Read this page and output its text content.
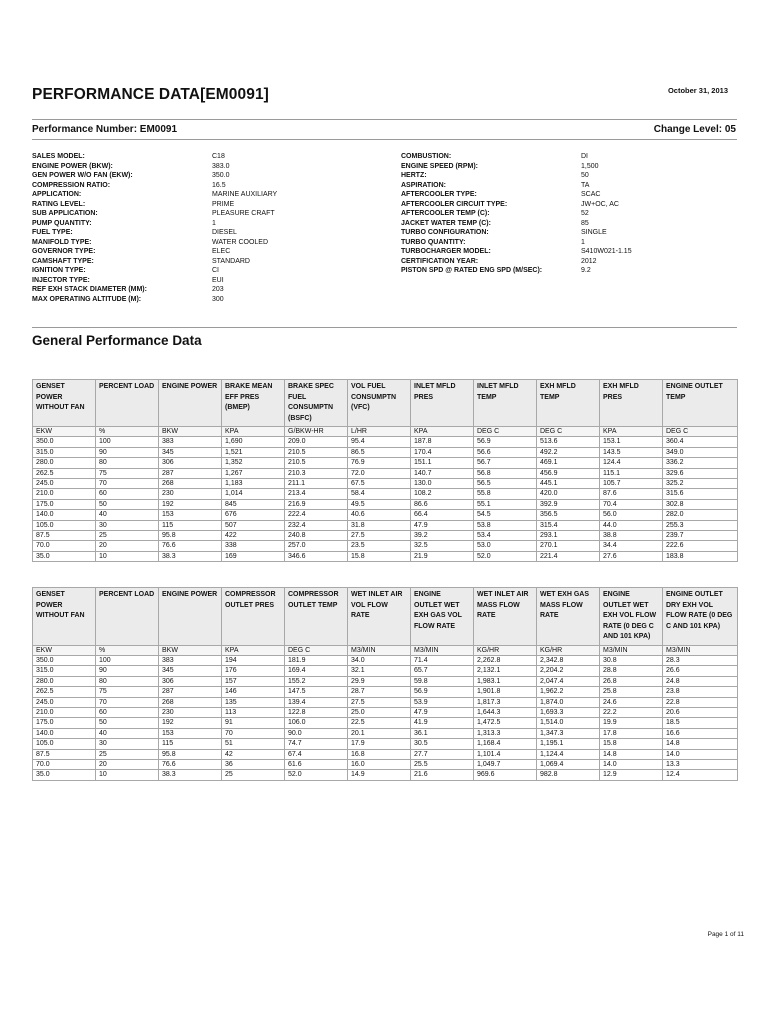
PERFORMANCE DATA[EM0091]	October 31, 2013
Performance Number: EM0091	Change Level: 05
SALES MODEL:	C18
ENGINE POWER (BKW):	383.0
GEN POWER W/O FAN (EKW):	350.0
COMPRESSION RATIO:	16.5
APPLICATION:	MARINE AUXILIARY
RATING LEVEL:	PRIME
SUB APPLICATION:	PLEASURE CRAFT
PUMP QUANTITY:	1
FUEL TYPE:	DIESEL
MANIFOLD TYPE:	WATER COOLED
GOVERNOR TYPE:	ELEC
CAMSHAFT TYPE:	STANDARD
IGNITION TYPE:	CI
INJECTOR TYPE:	EUI
REF EXH STACK DIAMETER (MM):	203
MAX OPERATING ALTITUDE (M):	300
COMBUSTION:	DI
ENGINE SPEED (RPM):	1,500
HERTZ:	50
ASPIRATION:	TA
AFTERCOOLER TYPE:	SCAC
AFTERCOOLER CIRCUIT TYPE:	JW+OC, AC
AFTERCOOLER TEMP (C):	52
JACKET WATER TEMP (C):	85
TURBO CONFIGURATION:	SINGLE
TURBO QUANTITY:	1
TURBOCHARGER MODEL:	S410W021-1.15
CERTIFICATION YEAR:	2012
PISTON SPD @ RATED ENG SPD (M/SEC):	9.2
General Performance Data
GENSET POWER WITHOUT FAN	PERCENT LOAD	ENGINE POWER	BRAKE MEAN EFF PRES (BMEP)	BRAKE SPEC FUEL CONSUMPTN (BSFC)	VOL FUEL CONSUMPTN (VFC)	INLET MFLD PRES	INLET MFLD TEMP	EXH MFLD TEMP	EXH MFLD PRES	ENGINE OUTLET TEMP
EKW	%	BKW	KPA	G/BKW-HR	L/HR	KPA	DEG C	DEG C	KPA	DEG C
350.0	100	383	1,690	209.0	95.4	187.8	56.9	513.6	153.1	360.4
315.0	90	345	1,521	210.5	86.5	170.4	56.6	492.2	143.5	349.0
280.0	80	306	1,352	210.5	76.9	151.1	56.7	469.1	124.4	336.2
262.5	75	287	1,267	210.3	72.0	140.7	56.8	456.9	115.1	329.6
245.0	70	268	1,183	211.1	67.5	130.0	56.5	445.1	105.7	325.2
210.0	60	230	1,014	213.4	58.4	108.2	55.8	420.0	87.6	315.6
175.0	50	192	845	216.9	49.5	86.6	55.1	392.9	70.4	302.8
140.0	40	153	676	222.4	40.6	66.4	54.5	356.5	56.0	282.0
105.0	30	115	507	232.4	31.8	47.9	53.8	315.4	44.0	255.3
87.5	25	95.8	422	240.8	27.5	39.2	53.4	293.1	38.8	239.7
70.0	20	76.6	338	257.0	23.5	32.5	53.0	270.1	34.4	222.6
35.0	10	38.3	169	346.6	15.8	21.9	52.0	221.4	27.6	183.8
GENSET POWER WITHOUT FAN	PERCENT LOAD	ENGINE POWER	COMPRESSOR OUTLET PRES	COMPRESSOR OUTLET TEMP	WET INLET AIR VOL FLOW RATE	ENGINE OUTLET WET EXH GAS VOL FLOW RATE	WET INLET AIR MASS FLOW RATE	WET EXH GAS MASS FLOW RATE	ENGINE OUTLET WET EXH VOL FLOW RATE (0 DEG C AND 101 KPA)	ENGINE OUTLET DRY EXH VOL FLOW RATE (0 DEG C AND 101 KPA)
EKW	%	BKW	KPA	DEG C	M3/MIN	M3/MIN	KG/HR	KG/HR	M3/MIN	M3/MIN
350.0	100	383	194	181.9	34.0	71.4	2,262.8	2,342.8	30.8	28.3
315.0	90	345	176	169.4	32.1	65.7	2,132.1	2,204.2	28.8	26.6
280.0	80	306	157	155.2	29.9	59.8	1,983.1	2,047.4	26.8	24.8
262.5	75	287	146	147.5	28.7	56.9	1,901.8	1,962.2	25.8	23.8
245.0	70	268	135	139.4	27.5	53.9	1,817.3	1,874.0	24.6	22.8
210.0	60	230	113	122.8	25.0	47.9	1,644.3	1,693.3	22.2	20.6
175.0	50	192	91	106.0	22.5	41.9	1,472.5	1,514.0	19.9	18.5
140.0	40	153	70	90.0	20.1	36.1	1,313.3	1,347.3	17.8	16.6
105.0	30	115	51	74.7	17.9	30.5	1,168.4	1,195.1	15.8	14.8
87.5	25	95.8	42	67.4	16.8	27.7	1,101.4	1,124.4	14.8	14.0
70.0	20	76.6	36	61.6	16.0	25.5	1,049.7	1,069.4	14.0	13.3
35.0	10	38.3	25	52.0	14.9	21.6	969.6	982.8	12.9	12.4
Page 1 of 11
